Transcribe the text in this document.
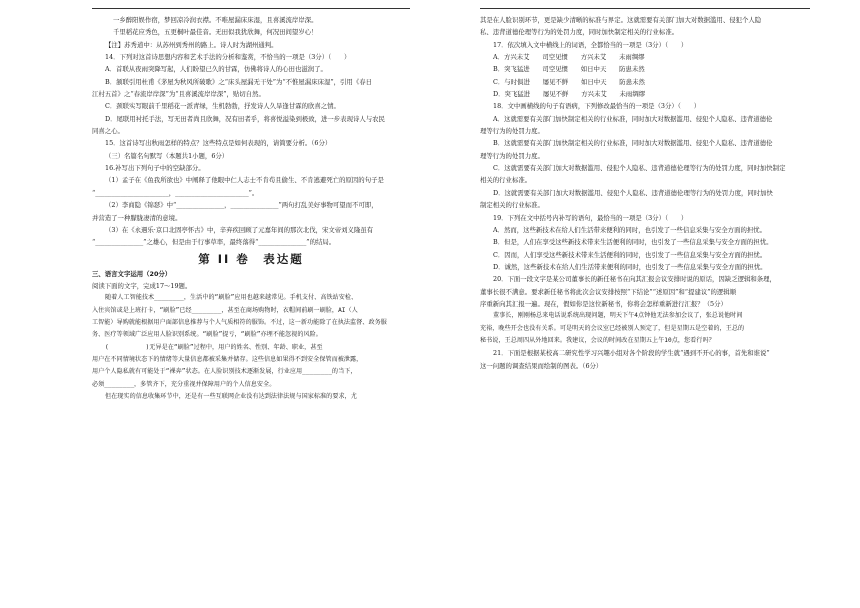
一乡醉阳娱作宿，梦回凉冷润衣襟。不唯屋漏床床湿，且喜溪流岸岸深。
千里稻花应秀色，五更桐叶最佳音。无田似我犹欣舞，何况田间望岁心！
【注】苏秀道中：从苏州到秀州的路上。诗人时为湖州通判。
14．下列对这首诗思想内容和艺术手法的分析和鉴赏，不恰当的一项是（3分）（　　）
A．首联从夜雨突降写起，人们盼望已久的甘霖，仿佛将诗人的心田也滋润了。
B．颔联引用杜甫《茅屋为秋风所破歌》之“床头屋漏无干处”为“不惟屋漏床床湿”，引用《春日
江村五首》之“春流岸岸深”为“且喜溪流岸岸深”，贴切自然。
C．颈联实写眼前千里稻花一派青绿，生机勃勃，抒发诗人久旱逢甘霖的欣喜之情。
D．尾联用衬托手法，写无田者尚且欣舞，况有田者乎，将喜悦溢染到极致，进一步表现诗人与农民
同喜之心。
15．这首诗写出秋雨怎样的特点？这些特点是如何表现的，请简要分析。（6分）
（三）名篇名句默写（本题共1小题，6分）
16.补写出下列句子中的空缺部分。
（1）孟子在《鱼我所欲也》中阐释了他眼中仁人志士不肯苟且偷生、不肯逃避死亡的原因的句子是
“_______________________，_______________________”。
（2）李商隐《锦瑟》中“_______________，_______________”两句打乱美好事物可望而不可即，
并营造了一种朦胧凄清的意境。
（3）在《永遇乐·京口北固亭怀古》中，辛弃疾回顾了元嘉年间的那次北伐，宋文帝刘义隆虽有
“_______________”之雄心，但是由于行事草率，最终落得“_______________”的结局。
第 II 卷　表达题
三、语言文字运用（20分）
阅读下面的文字，完成17～19题。
随着人工智能技术________，生活中的“刷脸”应用也越来越常见。手机支付、高铁站安检、
入住宾馆或是上班打卡，“刷脸”已经________，甚至在商场购物时，衣帽间前刷一刷脸，AI（人
工智能）导购就能根据用户面部信息推荐与个人气质相符的服饰。不过，这一新功能除了在执法监督、政务服
务、医疗等领域广泛应用人脸识别系统。“刷脸”提亏，“刷脸”亦埋不能忽视的风险。
(　　　　　　)无异是在“刷脸”过程中，用户的姓名、性别、年龄、职业，甚至
用户在不同情境状态下的情绪等大量信息都被采集并储存。这些信息如果得不到安全保管而被泄露，
用户个人隐私就有可能处于“裸奔”状态。在人脸识别技术逐渐发展，行业应用________的当下，
必须________，多管齐下，充分重视并保障用户的个人信息安全。
但在现实的信息收集环节中，还是有一些互联网企业没有达到法律法规与国家标准的要求，尤
其是在人脸识别环节，更是缺少清晰的标准与界定。这就需要有关部门加大对数据滥用、侵犯个人隐
私、违背道德伦理等行为的处罚力度，同时加快制定相关的行业标准。
17．依次填入文中横线上的词语，全都恰当的一项是（3分）（　　）
A．方兴未艾　　司空见惯　　方兴未艾　　未雨绸缪
B．突飞猛进　　司空见惯　　如日中天　　防患未然
C．与时俱进　　屡见不鲜　　如日中天　　防患未然
D．突飞猛进　　屡见不鲜　　方兴未艾　　未雨绸缪
18．文中画横线的句子有语病，下列修改最恰当的一项是（3分）（　　）
A．这就需要有关部门加快制定相关的行业标准，同时加大对数据滥用、侵犯个人隐私、违背道德伦
理等行为的处罚力度。
B．这就需要有关部门加快制定相关的行业标准，同时加大对数据滥用、侵犯个人隐私、违背道德伦
理等行为的处罚力度。
C．这就需要有关部门加大对数据滥用、侵犯个人隐私、违背道德伦理等行为的处罚力度，同时加快制定
相关的行业标准。
D．这就需要有关部门加大对数据滥用、侵犯个人隐私、违背道德伦理等行为的处罚力度，同时加快
制定相关的行业标准。
19．下列在文中括号内补写的语句，最恰当的一项是（3分）（　　）
A．然而，这些新技术在给人们生活带来便利的同时，也引发了一些信息采集与安全方面的担忧。
B．但是，人们在享受这些新技术带来生活便利的同时，也引发了一些信息采集与安全方面的担忧。
C．因而，人们享受这些新技术带来生活便利的同时，也引发了一些信息采集与安全方面的担忧。
D．诚然，这些新技术在给人们生活带来便利的同时，也引发了一些信息采集与安全方面的担忧。
20．下面一段文字是某公司董事长的新任秘书在向其汇报会议安排时说的原话，因缺乏逻辑和条理，
董事长很不满意。要求新任秘书将此次会议安排按照“下结论”“述原因”和“提建议”的逻辑顺
序重新向其汇报一遍。现在，假如你是这位新秘书，你将会怎样重新进行汇报？（5分）
董事长，刚刚杨总来电话说系统出现问题，明天下午4点钟他无法参加会议了，张总说他时间
充裕，晚些开会也没有关系。可是明天的会议室已经被别人预定了，但是星期五是空着的，王总的
秘书说，王总周四从外地回来。我建议，会议的时间改在星期五上午10点，您看行吗？
21．下面是根据某校高二研究性学习兴趣小组对各个阶段的学生就“遇到不开心的事，首先和谁说”
这一问题的调查结果而绘制的图表。（6分）
